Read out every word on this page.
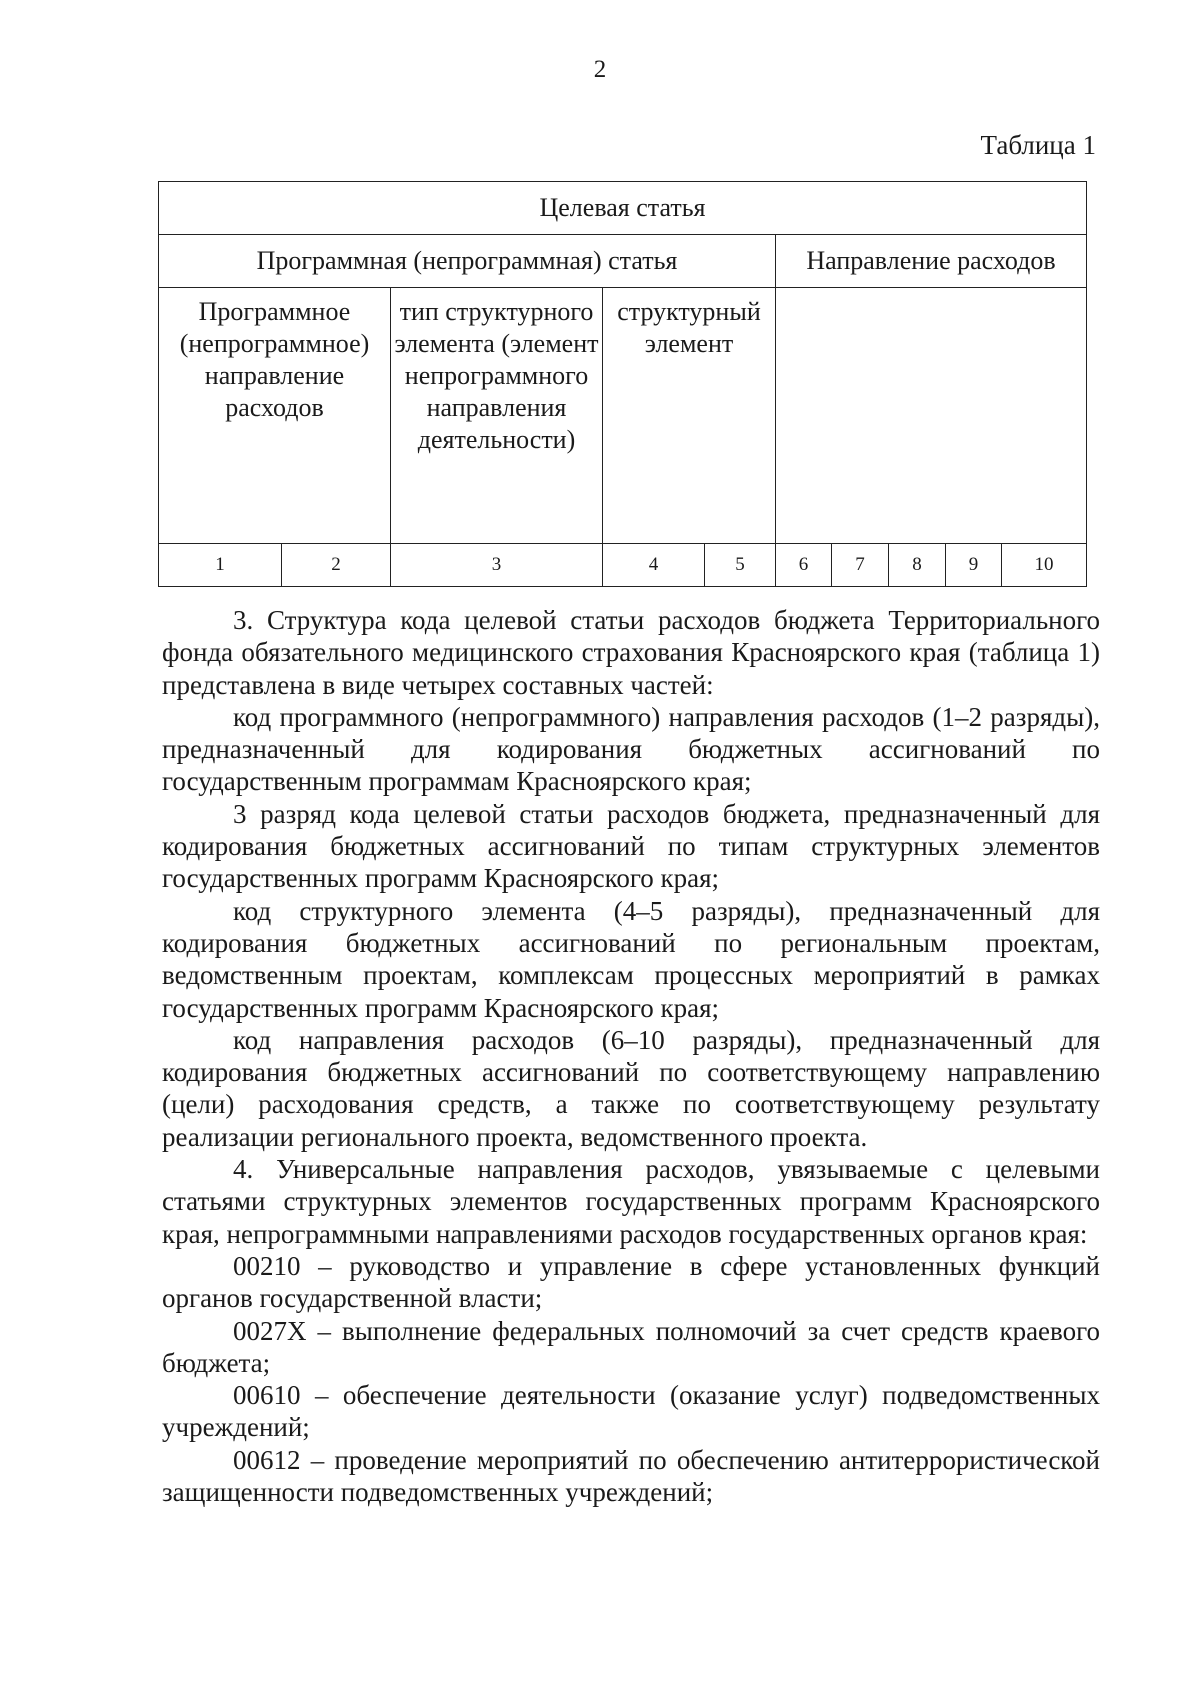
2
Таблица 1
Целевая статья									
Программная (непрограммная) статья					Направление расходов				
Программное (непрограммное) направление расходов		тип структурного элемента (элемент непрограммного направления деятельности)	структурный элемент						
1	2	3	4	5	6	7	8	9	10

3. Структура кода целевой статьи расходов бюджета Территориального фонда обязательного медицинского страхования Красноярского края (таблица 1) представлена в виде четырех составных частей:

код программного (непрограммного) направления расходов (1–2 разряды), предназначенный для кодирования бюджетных ассигнований по государственным программам Красноярского края;

3 разряд кода целевой статьи расходов бюджета, предназначенный для кодирования бюджетных ассигнований по типам структурных элементов государственных программ Красноярского края;

код структурного элемента (4–5 разряды), предназначенный для кодирования бюджетных ассигнований по региональным проектам, ведомственным проектам, комплексам процессных мероприятий в рамках государственных программ Красноярского края;

код направления расходов (6–10 разряды), предназначенный для кодирования бюджетных ассигнований по соответствующему направлению (цели) расходования средств, а также по соответствующему результату реализации регионального проекта, ведомственного проекта.

4. Универсальные направления расходов, увязываемые с целевыми статьями структурных элементов государственных программ Красноярского края, непрограммными направлениями расходов государственных органов края:

00210 – руководство и управление в сфере установленных функций органов государственной власти;

0027Х – выполнение федеральных полномочий за счет средств краевого бюджета;

00610 – обеспечение деятельности (оказание услуг) подведомственных учреждений;

00612 – проведение мероприятий по обеспечению антитеррористической защищенности подведомственных учреждений;
